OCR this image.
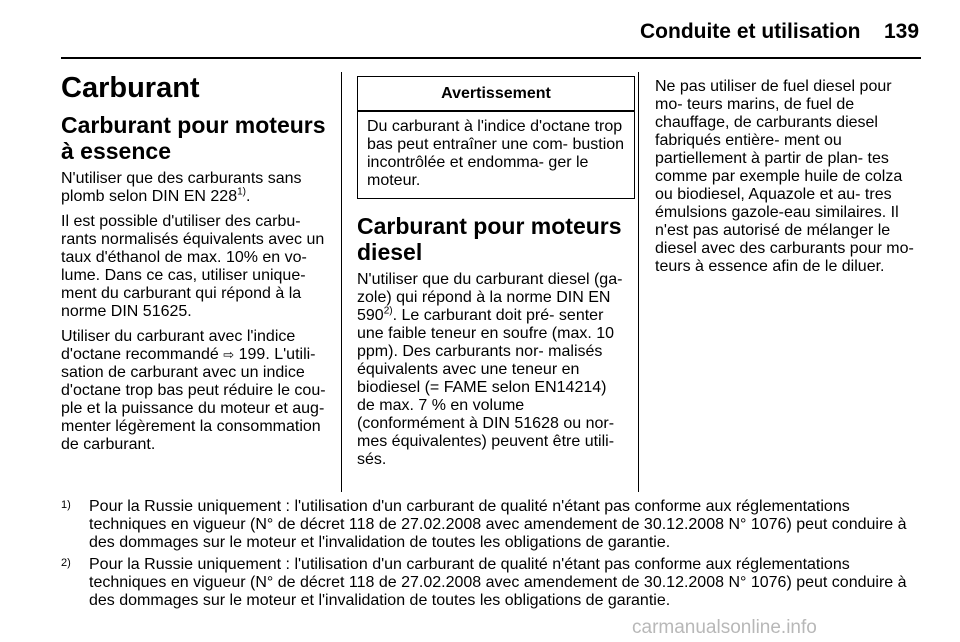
Conduite et utilisation 139
Carburant
Carburant pour moteurs à essence

N'utiliser que des carburants sans plomb selon DIN EN 228$^{1)}$.

Il est possible d'utiliser des carbu- rants normalisés équivalents avec un taux d'éthanol de max. 10% en vo- lume. Dans ce cas, utiliser unique- ment du carburant qui répond à la norme DIN 51625.

Utiliser du carburant avec l'indice d'octane recommandé ⇨ 199. L'utili- sation de carburant avec un indice d'octane trop bas peut réduire le cou- ple et la puissance du moteur et aug- menter légèrement la consommation de carburant.

Avertissement
Du carburant à l'indice d'octane trop bas peut entraîner une com- bustion incontrôlée et endomma- ger le moteur.
Carburant pour moteurs diesel

N'utiliser que du carburant diesel (ga- zole) qui répond à la norme DIN EN 590$^{2)}$. Le carburant doit pré- senter une faible teneur en soufre (max. 10 ppm). Des carburants nor- malisés équivalents avec une teneur en biodiesel (= FAME selon EN14214) de max. 7 % en volume (conformément à DIN 51628 ou nor- mes équivalentes) peuvent être utili- sés.

Ne pas utiliser de fuel diesel pour mo- teurs marins, de fuel de chauffage, de carburants diesel fabriqués entière- ment ou partiellement à partir de plan- tes comme par exemple huile de colza ou biodiesel, Aquazole et au- tres émulsions gazole-eau similaires. Il n'est pas autorisé de mélanger le diesel avec des carburants pour mo- teurs à essence afin de le diluer.

1) Pour la Russie uniquement : l'utilisation d'un carburant de qualité n'étant pas conforme aux réglementations techniques en vigueur (N° de décret 118 de 27.02.2008 avec amendement de 30.12.2008 N° 1076) peut conduire à des dommages sur le moteur et l'invalidation de toutes les obligations de garantie.
2) Pour la Russie uniquement : l'utilisation d'un carburant de qualité n'étant pas conforme aux réglementations techniques en vigueur (N° de décret 118 de 27.02.2008 avec amendement de 30.12.2008 N° 1076) peut conduire à des dommages sur le moteur et l'invalidation de toutes les obligations de garantie.
carmanualsonline.info
